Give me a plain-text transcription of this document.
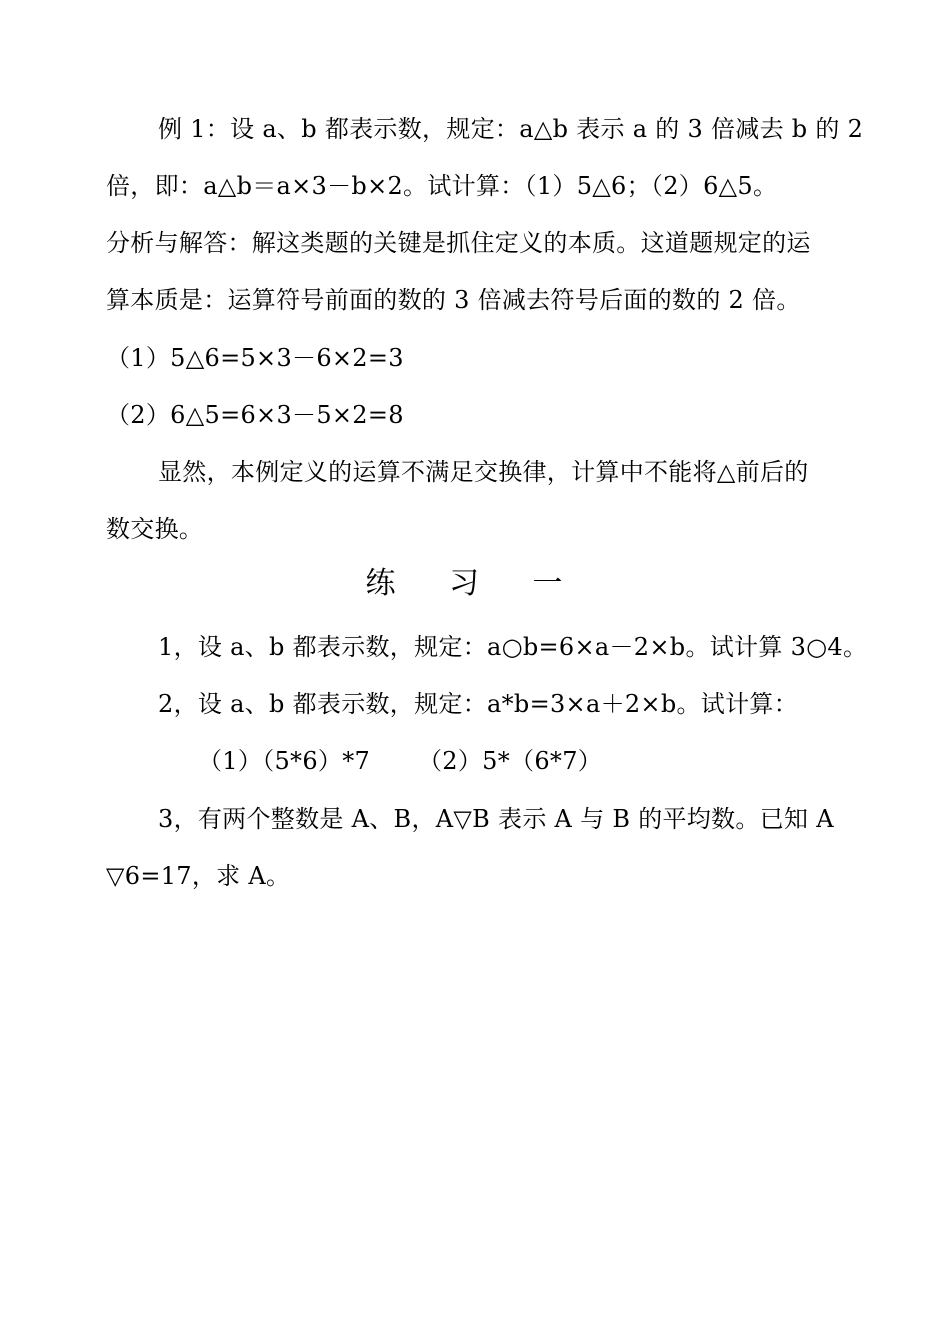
例 1：设 a、b 都表示数，规定：a△b 表示 a 的 3 倍减去 b 的 2
倍，即：a△b＝a×3－b×2。试计算：（1）5△6；（2）6△5。
分析与解答：解这类题的关键是抓住定义的本质。这道题规定的运
算本质是：运算符号前面的数的 3 倍减去符号后面的数的 2 倍。
（1）5△6=5×3－6×2=3
（2）6△5=6×3－5×2=8
显然，本例定义的运算不满足交换律，计算中不能将△前后的
数交换。
练 习 一
1，设 a、b 都表示数，规定：a○b=6×a－2×b。试计算 3○4。
2，设 a、b 都表示数，规定：a*b=3×a＋2×b。试计算：
（1）（5*6）*7 （2）5*（6*7）
3，有两个整数是 A、B，A▽B 表示 A 与 B 的平均数。已知 A
▽6=17，求 A。
